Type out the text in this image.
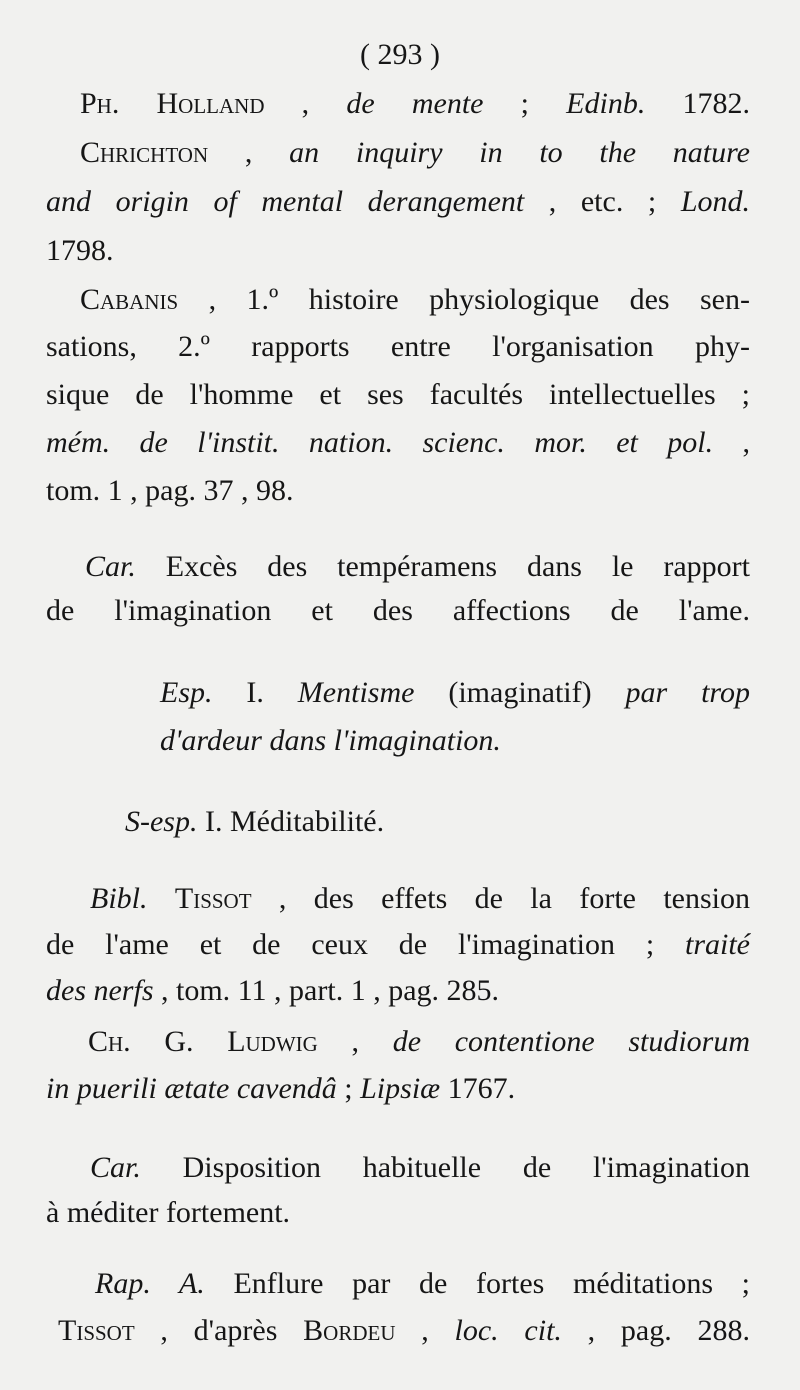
( 293 )
Ph. Holland , de mente ; Edinb. 1782.
Chrichton , an inquiry in to the nature
and origin of mental derangement , etc. ; Lond.
1798.
Cabanis , 1.º histoire physiologique des sen-
sations, 2.º rapports entre l'organisation phy-
sique de l'homme et ses facultés intellectuelles ;
mém. de l'instit. nation. scienc. mor. et pol. ,
tom. 1 , pag. 37 , 98.
Car. Excès des tempéramens dans le rapport
de l'imagination et des affections de l'ame.
Esp. I. Mentisme (imaginatif) par trop
d'ardeur dans l'imagination.
S-esp. I. Méditabilité.
Bibl. Tissot , des effets de la forte tension
de l'ame et de ceux de l'imagination ; traité
des nerfs , tom. 11 , part. 1 , pag. 285.
Ch. G. Ludwig , de contentione studiorum
in puerili ætate cavendâ ; Lipsiæ 1767.
Car. Disposition habituelle de l'imagination
à méditer fortement.
Rap. A. Enflure par de fortes méditations ;
Tissot , d'après Bordeu , loc. cit. , pag. 288.
